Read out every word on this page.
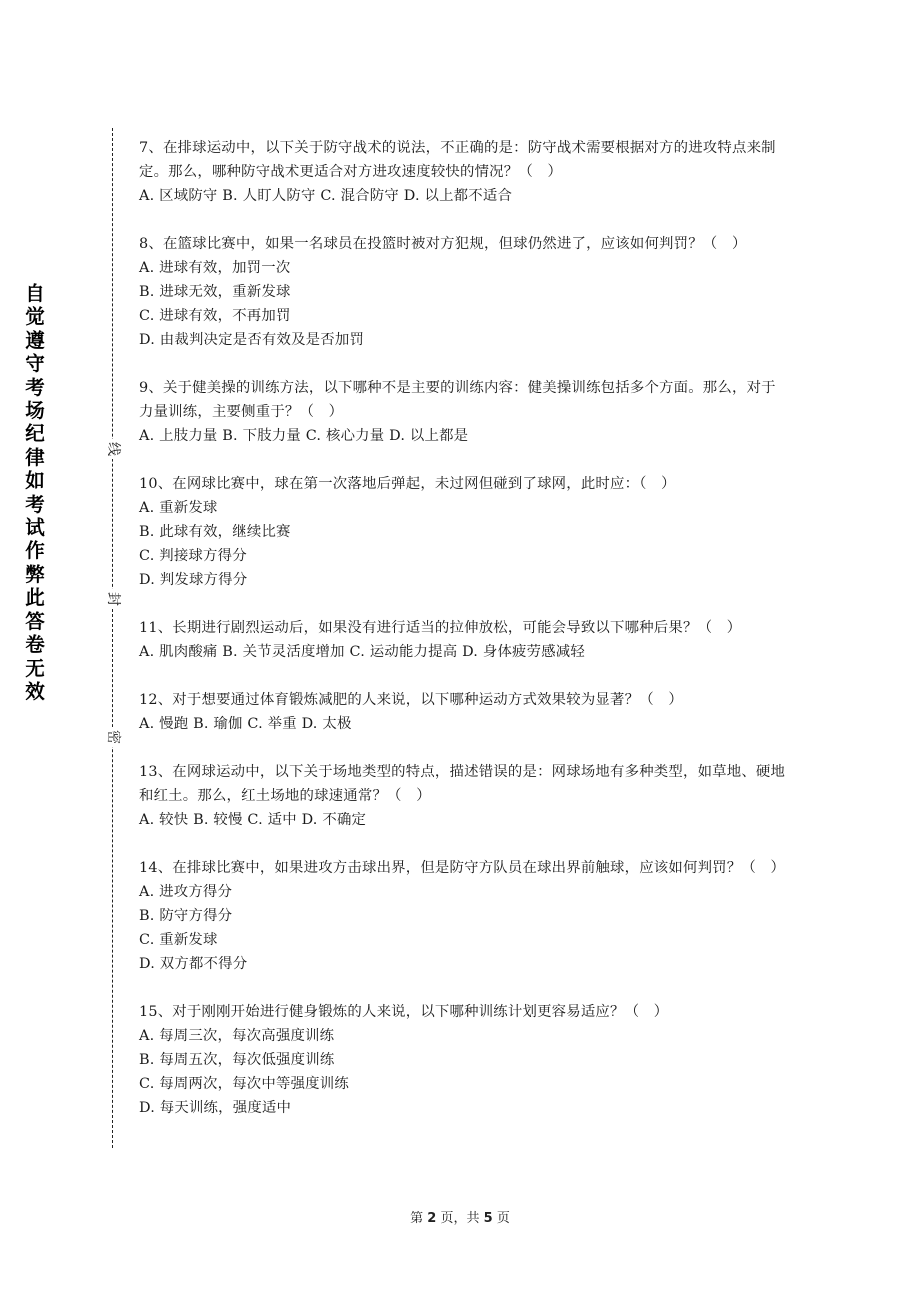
自觉遵守考场纪律如考试作弊此答卷无效
线
封
密

7、在排球运动中，以下关于防守战术的说法，不正确的是：防守战术需要根据对方的进攻特点来制定。那么，哪种防守战术更适合对方进攻速度较快的情况？（　）

A. 区域防守 B. 人盯人防守 C. 混合防守 D. 以上都不适合

8、在篮球比赛中，如果一名球员在投篮时被对方犯规，但球仍然进了，应该如何判罚？（　）

A. 进球有效，加罚一次

B. 进球无效，重新发球

C. 进球有效，不再加罚

D. 由裁判决定是否有效及是否加罚

9、关于健美操的训练方法，以下哪种不是主要的训练内容：健美操训练包括多个方面。那么，对于力量训练，主要侧重于？（　）

A. 上肢力量 B. 下肢力量 C. 核心力量 D. 以上都是

10、在网球比赛中，球在第一次落地后弹起，未过网但碰到了球网，此时应：（　）

A. 重新发球

B. 此球有效，继续比赛

C. 判接球方得分

D. 判发球方得分

11、长期进行剧烈运动后，如果没有进行适当的拉伸放松，可能会导致以下哪种后果？（　）

A. 肌肉酸痛 B. 关节灵活度增加 C. 运动能力提高 D. 身体疲劳感减轻

12、对于想要通过体育锻炼减肥的人来说，以下哪种运动方式效果较为显著？（　）

A. 慢跑 B. 瑜伽 C. 举重 D. 太极

13、在网球运动中，以下关于场地类型的特点，描述错误的是：网球场地有多种类型，如草地、硬地和红土。那么，红土场地的球速通常？（　）

A. 较快 B. 较慢 C. 适中 D. 不确定

14、在排球比赛中，如果进攻方击球出界，但是防守方队员在球出界前触球，应该如何判罚？（　）

A. 进攻方得分

B. 防守方得分

C. 重新发球

D. 双方都不得分

15、对于刚刚开始进行健身锻炼的人来说，以下哪种训练计划更容易适应？（　）

A. 每周三次，每次高强度训练

B. 每周五次，每次低强度训练

C. 每周两次，每次中等强度训练

D. 每天训练，强度适中

第 2 页，共 5 页
